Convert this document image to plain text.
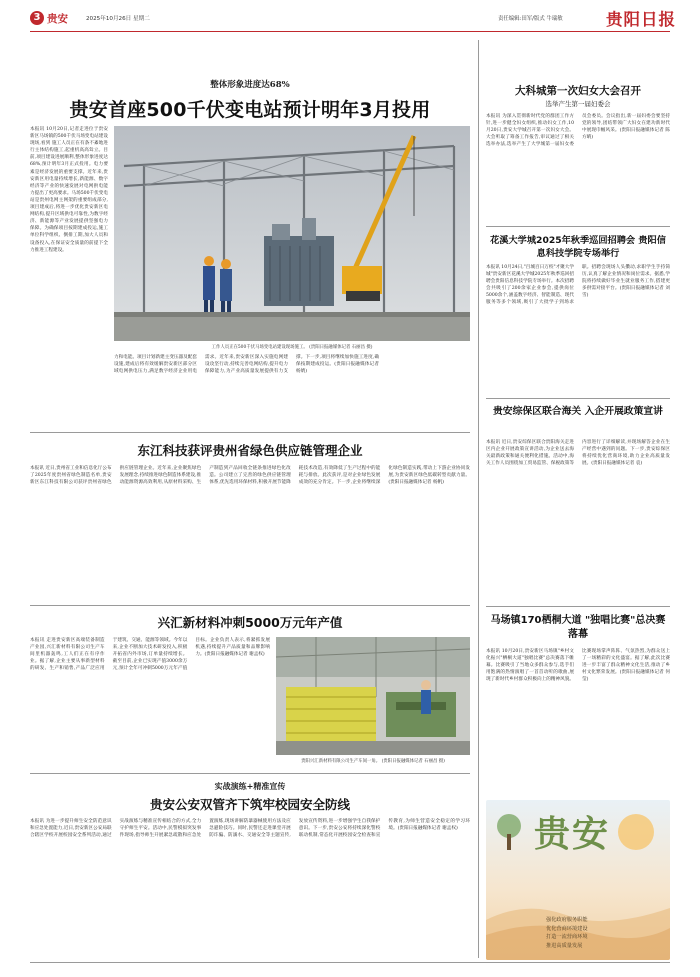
3 贵安	2025年10月26日 星期二	责任编辑:田军/版式 牛瑞敏	贵阳日报
整体形象进度达68%
贵安首座500千伏变电站预计明年3月投用
本报讯 10月20日,记者走进位于贵安新区马场镇的500千伏马场变电站建设现场,看到 施工人员正在有条不紊地进行主体结构施工,起重机高高耸立。目前,项目建设进展顺利,整体形象进度达68%,预计明年3月正式投用。电力要素是经济发展的重要支撑。近年来,贵安新区用电量持续增长,新能源、数字经济等产业的快速发展对电网供电能力提出了更高要求。马场500千伏变电站是贵州电网主网架的重要组成部分,项目建成后,将进一步优化贵安新区电网结构,提升区域供电可靠性,为数字经济、新能源等产业发展提供坚强电力保障。为确保项目按期建成投运,施工单位科学组织、倒排工期,加大人员和设备投入,在保证安全质量的前提下全力推进工程建设。
工作人员正在500千伏马场变电站建设现场施工。 (贵阳日报融媒体记者 石丽昌 摄)
力和电能。项目计划新建主变压器及配套设施,建成后将有效缓解贵安新区部分区域电网供电压力,满足数字经济企业用电需求。近年来,贵安新区深入实施电网建设攻坚行动,持续完善电网结构,提升电力保障能力,为产业高质量发展提供有力支撑。下一步,项目将继续加快施工进度,确保按期建成投运。(贵阳日报融媒体记者 杨婧)
东江科技获评贵州省绿色供应链管理企业
本报讯 近日,贵州省工业和信息化厅公布了2025年度贵州省绿色制造名单,贵安新区东江科技有限公司获评贵州省绿色供应链管理企业。近年来,企业聚焦绿色发展理念,持续推进绿色制造体系建设,推动能源资源高效利用,从原材料采购、生产制造到产品回收全链条推进绿色化改造。公司建立了完善的绿色供应链管理体系,优先选用环保材料,积极开展节能降耗技术改造,有效降低了生产过程中的能耗与排放。此次获评,是对企业绿色发展成效的充分肯定。下一步,企业将继续深化绿色制造实践,带动上下游企业协同发展,为贵安新区绿色低碳转型贡献力量。(贵阳日报融媒体记者 杨帆)
兴汇新材料冲刺5000万元年产值
本报讯 走进贵安新区高端装备制造产业园,兴汇新材料有限公司生产车间里机器轰鸣,工人们正在有序作业。据了解,企业主要从事新型材料的研发、生产和销售,产品广泛应用于建筑、交通、能源等领域。今年以来,企业不断加大技术研发投入,积极开拓省内外市场,订单量持续增长。截至目前,企业已实现产值3000余万元,预计全年可冲刺5000万元年产值目标。企业负责人表示,将紧抓发展机遇,持续提升产品质量和品牌影响力。(贵阳日报融媒体记者 谢孟权)
贵阳兴汇新材料有限公司生产车间一角。 (贵阳日报融媒体记者 石丽昌 摄)
实战演练+精准宣传
贵安公安双管齐下筑牢校园安全防线
本报讯 为进一步提升师生安全防范意识和应急处置能力,近日,贵安新区公安局联合辖区学校开展校园安全系列活动,通过实战演练与精准宣传相结合的方式,全力守护师生平安。活动中,民警模拟突发事件现场,指导师生开展紧急疏散和应急处置演练,现场讲解防暴器械使用方法及应急避险技巧。同时,民警还走进课堂开展防诈骗、防溺水、交通安全等主题宣传,发放宣传资料,进一步增强学生自我保护意识。下一步,贵安公安将持续深化警校联动机制,常态化开展校园安全检查和宣传教育,为师生营造安全稳定的学习环境。(贵阳日报融媒体记者 谢孟权)
大科城第一次妇女大会召开
选举产生第一届妇委会
本报讯 为深入贯彻新时代党的群团工作方针,进一步健全妇女组织,推动妇女工作,10月20日,贵安大学城召开第一次妇女大会。大会听取了筹备工作报告,审议通过了相关选举办法,选举产生了大学城第一届妇女委员会委员。会议指出,新一届妇委会要坚持党的领导,团结带领广大妇女在建功新时代中展现巾帼风采。(贵阳日报融媒体记者 陈方晴)
花溪大学城2025年秋季巡回招聘会 贵阳信息科技学院专场举行
本报讯 10月24日,"百城百日万校"才聚大学城"贵安新区花溪大学城2025年秋季巡回招聘会贵阳信息科技学院专场举行。本次招聘会共吸引了200余家企业参会,提供岗位5000余个,涵盖数字经济、智能制造、现代服务等多个领域,吸引了大批学子到场求职。招聘会现场人头攢动,求职学生手持简历,认真了解企业情况和岗位需求。据悉,学院将持续做好毕业生就业服务工作,搭建更多供需对接平台。(贵阳日报融媒体记者 刘雪)
贵安综保区联合海关 入企开展政策宣讲
本报讯 近日,贵安综保区联合贵阳海关走进区内企业开展政策宣讲活动,为企业送去海关最新政策和通关便利化措施。活动中,海关工作人员围绕加工贸易监管、保税政策等内容进行了详细解读,并现场解答企业在生产经营中遇到的问题。下一步,贵安综保区将持续优化营商环境,助力企业高质量发展。(贵阳日报融媒体记者 袁)
马场镇170栖桐大道 "独唱比赛"总决赛落幕
本报讯 10月20日,贵安新区马场镇"乡村文化振兴"栖桐大道"独唱比赛"总决赛落下帷幕。比赛吸引了当地众多群众参与,选手们用饱满的热情演唱了一首首动听的歌曲,展现了新时代乡村群众积极向上的精神风貌。比赛现场掌声阵阵、气氛热烈,为群众送上了一场精彩的文化盛宴。据了解,此次比赛进一步丰富了群众精神文化生活,推动了乡村文化繁荣发展。(贵阳日报融媒体记者 何莹)
贵安
强化政府服务职能
优化营商环境建设
打造一流营商环境
推进高质量发展
